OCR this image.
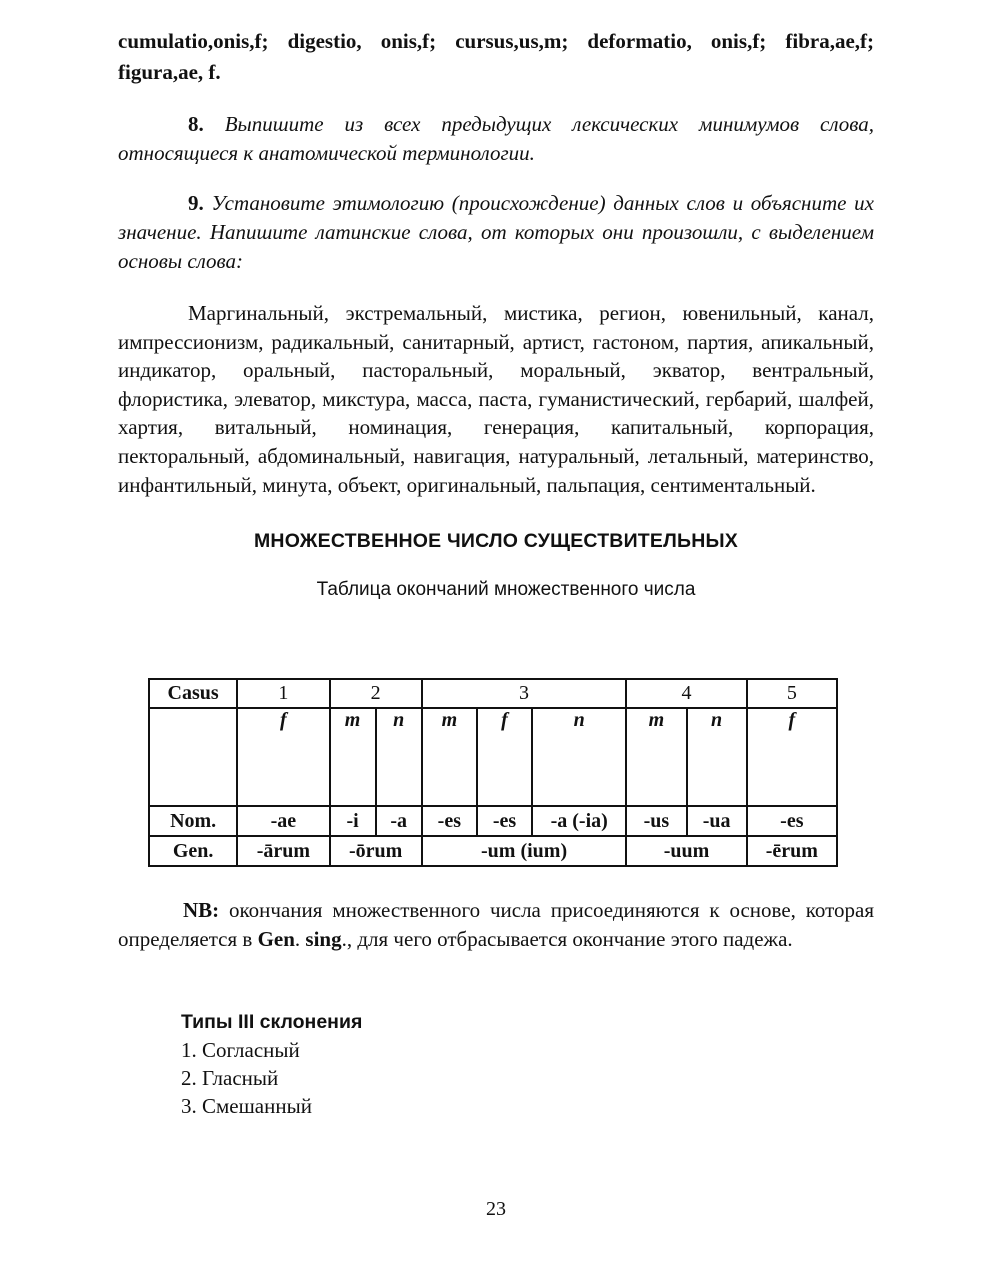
cumulatio,onis,f; digestio, onis,f; cursus,us,m; deformatio, onis,f; fibra,ae,f; figura,ae, f.

8. Выпишите из всех предыдущих лексических минимумов слова, относящиеся к анатомической терминологии.

9. Установите этимологию (происхождение) данных слов и объясните их значение. Напишите латинские слова, от которых они произошли, с выделением основы слова:

Маргинальный, экстремальный, мистика, регион, ювенильный, канал, импрессионизм, радикальный, санитарный, артист, гастоном, партия, апикальный, индикатор, оральный, пасторальный, моральный, экватор, вентральный, флористика, элеватор, микстура, масса, паста, гуманистический, гербарий, шалфей, хартия, витальный, номинация, генерация, капитальный, корпорация, пекторальный, абдоминальный, навигация, натуральный, летальный, материнство, инфантильный, минута, объект, оригинальный, пальпация, сентиментальный.

МНОЖЕСТВЕННОЕ ЧИСЛО СУЩЕСТВИТЕЛЬНЫХ
Таблица окончаний множественного числа
Casus	1	2		3			4		5
	f	m	n	m	f	n	m	n	f
Nom.	-ae	-i	-a	-es	-es	-a (-ia)	-us	-ua	-es
Gen.	-ārum	-ōrum		-um (ium)			-uum		-ērum

NB: окончания множественного числа присоединяются к основе, которая определяется в Gen. sing., для чего отбрасывается окончание этого падежа.

Типы III склонения
1. Согласный
2. Гласный
3. Смешанный
23
